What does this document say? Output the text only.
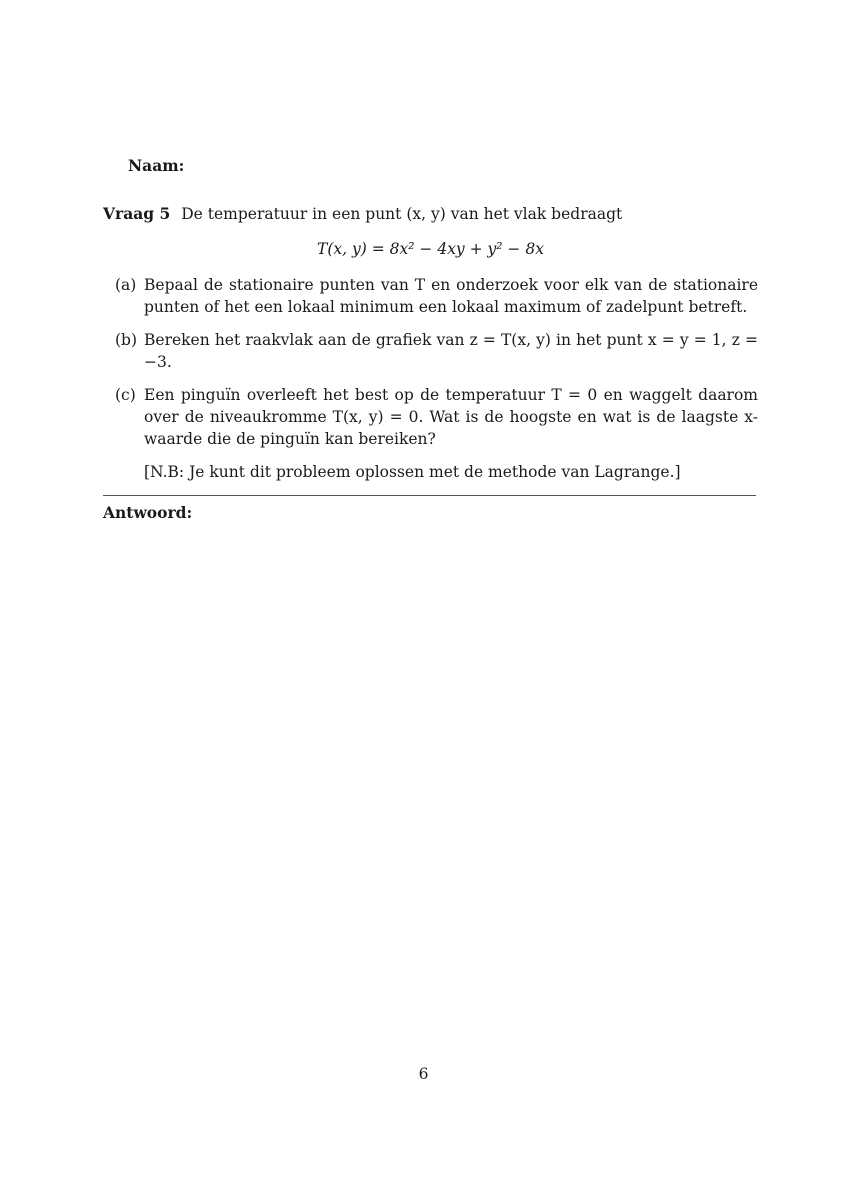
Naam:
Vraag 5 De temperatuur in een punt (x, y) van het vlak bedraagt
T(x, y) = 8x² − 4xy + y² − 8x
(a) Bepaal de stationaire punten van T en onderzoek voor elk van de stationaire punten of het een lokaal minimum een lokaal maximum of zadelpunt betreft.
(b) Bereken het raakvlak aan de grafiek van z = T(x, y) in het punt x = y = 1, z = −3.
(c) Een pinguïn overleeft het best op de temperatuur T = 0 en waggelt daarom over de niveaukromme T(x, y) = 0. Wat is de hoogste en wat is de laagste x-waarde die de pinguïn kan bereiken?
[N.B: Je kunt dit probleem oplossen met de methode van Lagrange.]
Antwoord:
6
